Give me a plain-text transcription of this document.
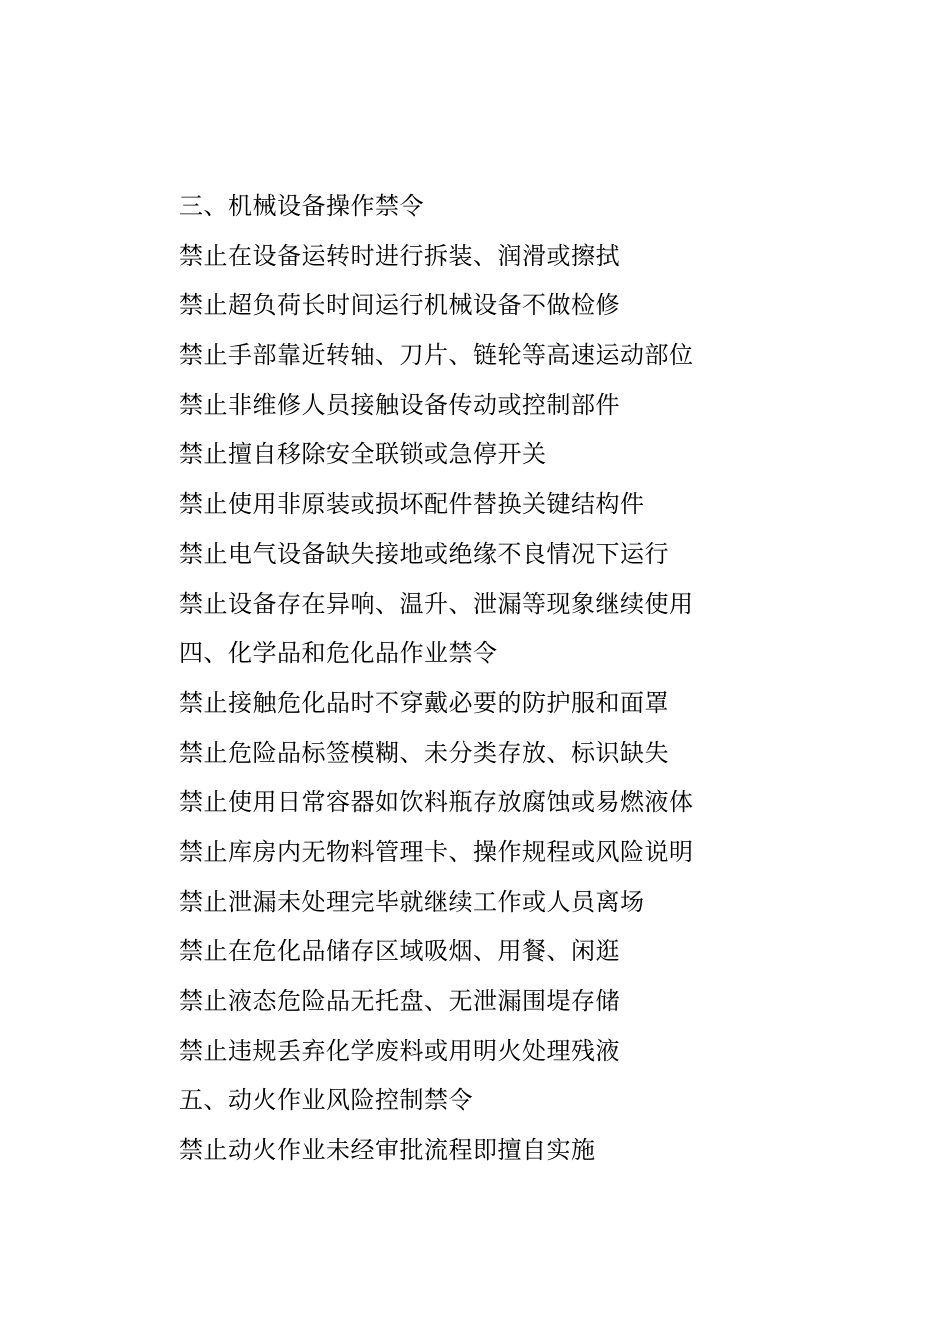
三、机械设备操作禁令
禁止在设备运转时进行拆装、润滑或擦拭
禁止超负荷长时间运行机械设备不做检修
禁止手部靠近转轴、刀片、链轮等高速运动部位
禁止非维修人员接触设备传动或控制部件
禁止擅自移除安全联锁或急停开关
禁止使用非原装或损坏配件替换关键结构件
禁止电气设备缺失接地或绝缘不良情况下运行
禁止设备存在异响、温升、泄漏等现象继续使用
四、化学品和危化品作业禁令
禁止接触危化品时不穿戴必要的防护服和面罩
禁止危险品标签模糊、未分类存放、标识缺失
禁止使用日常容器如饮料瓶存放腐蚀或易燃液体
禁止库房内无物料管理卡、操作规程或风险说明
禁止泄漏未处理完毕就继续工作或人员离场
禁止在危化品储存区域吸烟、用餐、闲逛
禁止液态危险品无托盘、无泄漏围堤存储
禁止违规丢弃化学废料或用明火处理残液
五、动火作业风险控制禁令
禁止动火作业未经审批流程即擅自实施
